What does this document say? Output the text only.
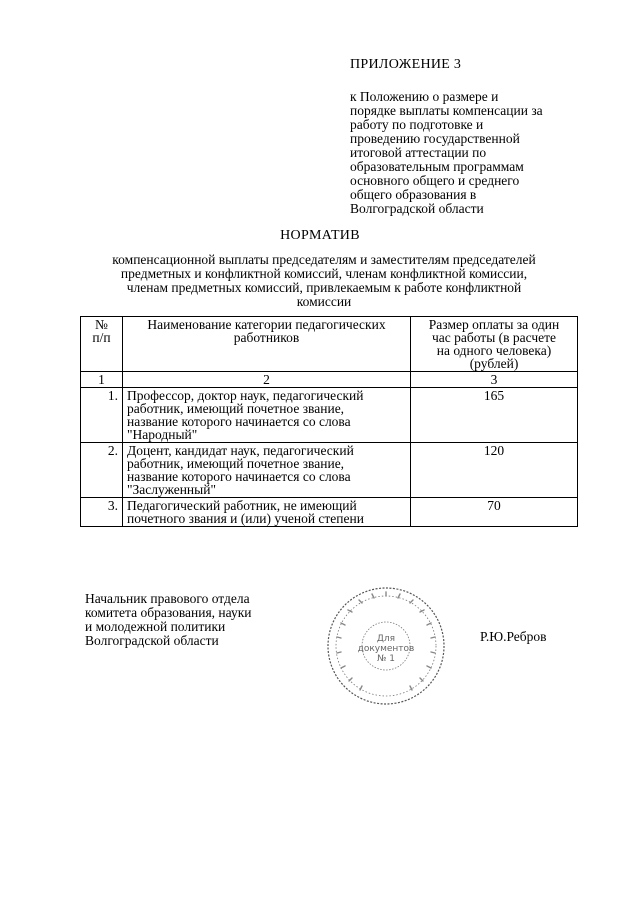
ПРИЛОЖЕНИЕ 3
к Положению о размере и
порядке выплаты компенсации за
работу по подготовке и
проведению государственной
итоговой аттестации по
образовательным программам
основного общего и среднего
общего образования в
Волгоградской области
НОРМАТИВ
компенсационной выплаты председателям и заместителям председателей
предметных и конфликтной комиссий, членам конфликтной комиссии,
членам предметных комиссий, привлекаемым к работе конфликтной
комиссии
№
п/п	Наименование категории педагогических
работников	Размер оплаты за один
час работы (в расчете
на одного человека)
(рублей)

1	2	3
1.	Профессор, доктор наук, педагогический
работник, имеющий почетное звание,
название которого начинается со слова
"Народный"	165
2.	Доцент, кандидат наук, педагогический
работник, имеющий почетное звание,
название которого начинается со слова
"Заслуженный"	120
3.	Педагогический работник, не имеющий
почетного звания и (или) ученой степени	70
Начальник правового отдела
комитета образования, науки
и молодежной политики
Волгоградской области	Для
документов
№ 1
Р.Ю.Ребров
